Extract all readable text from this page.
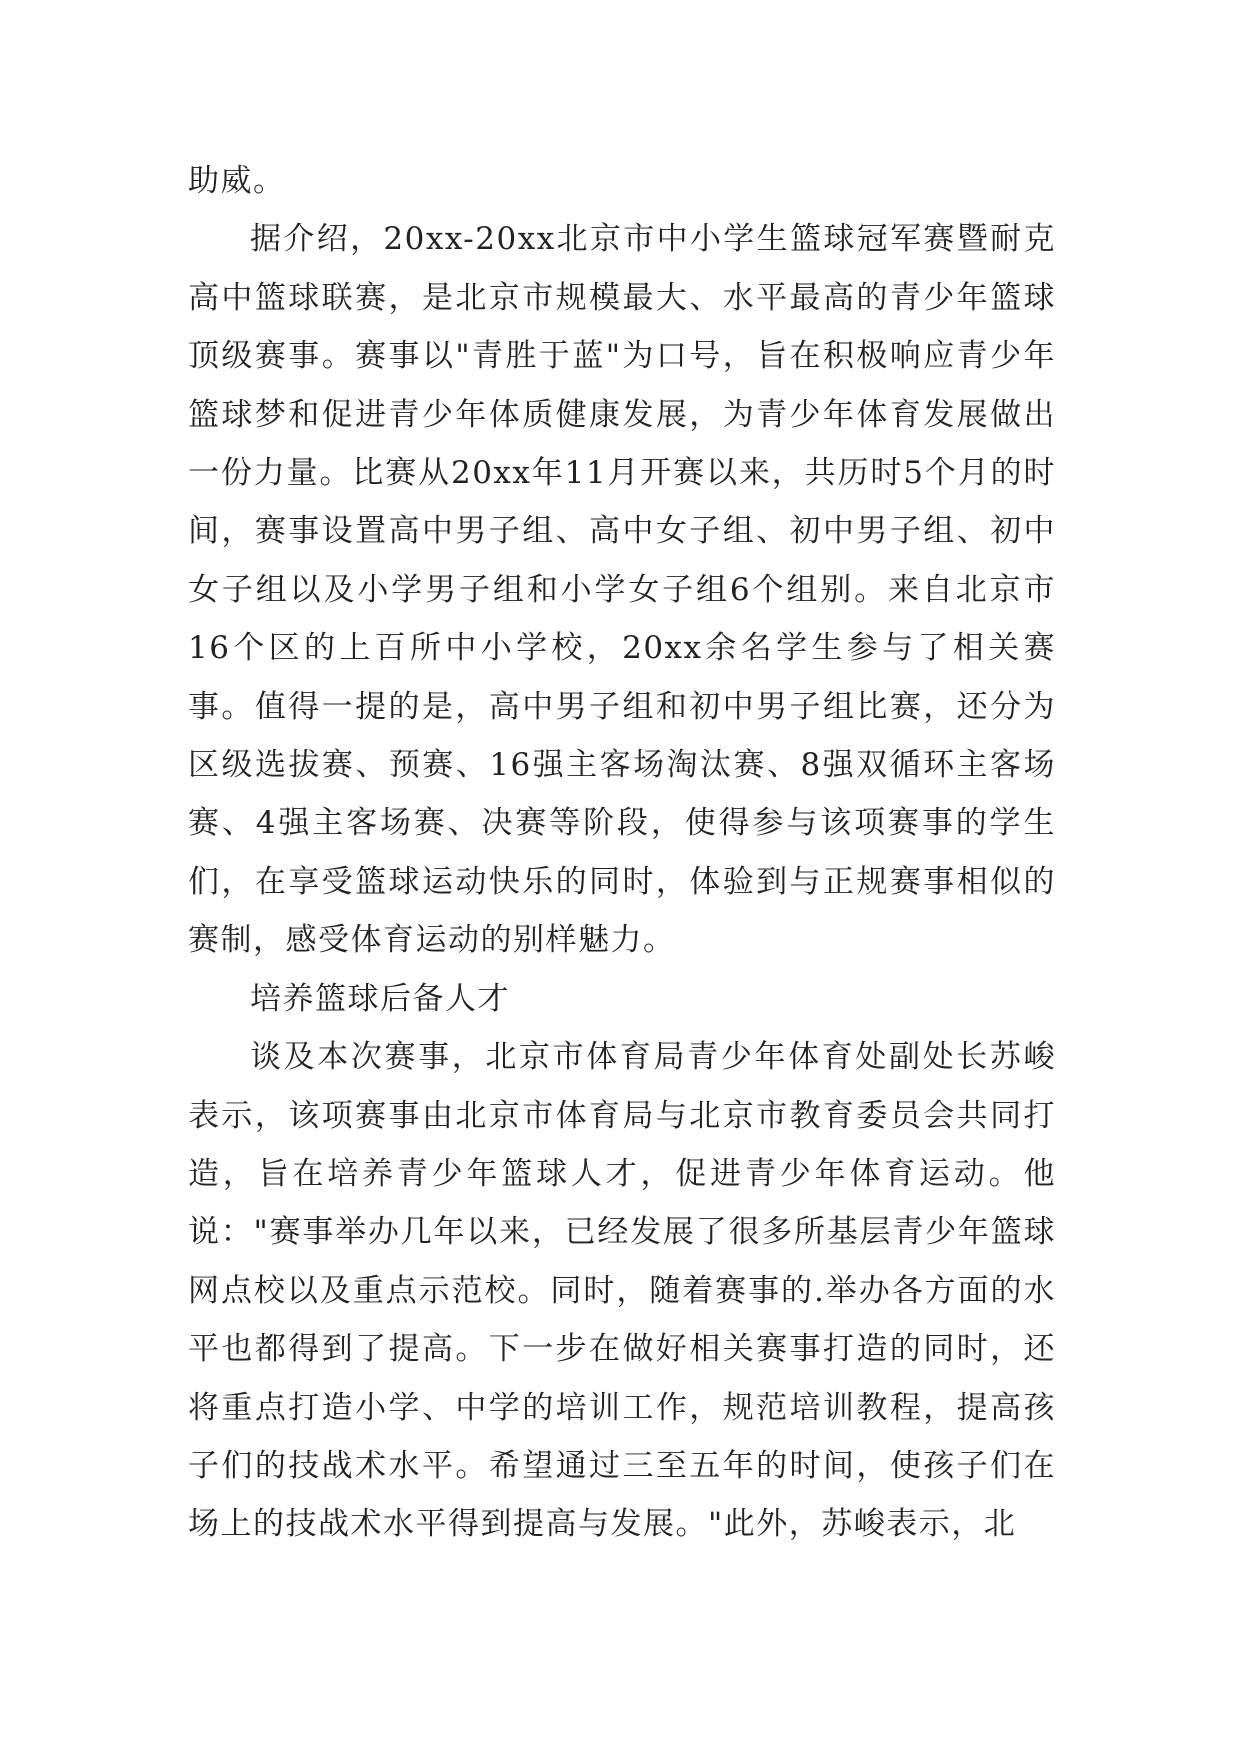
助威。

据介绍，20xx-20xx北京市中小学生篮球冠军赛暨耐克高中篮球联赛，是北京市规模最大、水平最高的青少年篮球顶级赛事。赛事以"青胜于蓝"为口号，旨在积极响应青少年篮球梦和促进青少年体质健康发展，为青少年体育发展做出一份力量。比赛从20xx年11月开赛以来，共历时5个月的时间，赛事设置高中男子组、高中女子组、初中男子组、初中女子组以及小学男子组和小学女子组6个组别。来自北京市16个区的上百所中小学校，20xx余名学生参与了相关赛事。值得一提的是，高中男子组和初中男子组比赛，还分为区级选拔赛、预赛、16强主客场淘汰赛、8强双循环主客场赛、4强主客场赛、决赛等阶段，使得参与该项赛事的学生们，在享受篮球运动快乐的同时，体验到与正规赛事相似的赛制，感受体育运动的别样魅力。

培养篮球后备人才

谈及本次赛事，北京市体育局青少年体育处副处长苏峻表示，该项赛事由北京市体育局与北京市教育委员会共同打造，旨在培养青少年篮球人才，促进青少年体育运动。他说："赛事举办几年以来，已经发展了很多所基层青少年篮球网点校以及重点示范校。同时，随着赛事的.举办各方面的水平也都得到了提高。下一步在做好相关赛事打造的同时，还将重点打造小学、中学的培训工作，规范培训教程，提高孩子们的技战术水平。希望通过三至五年的时间，使孩子们在场上的技战术水平得到提高与发展。"此外，苏峻表示，北
